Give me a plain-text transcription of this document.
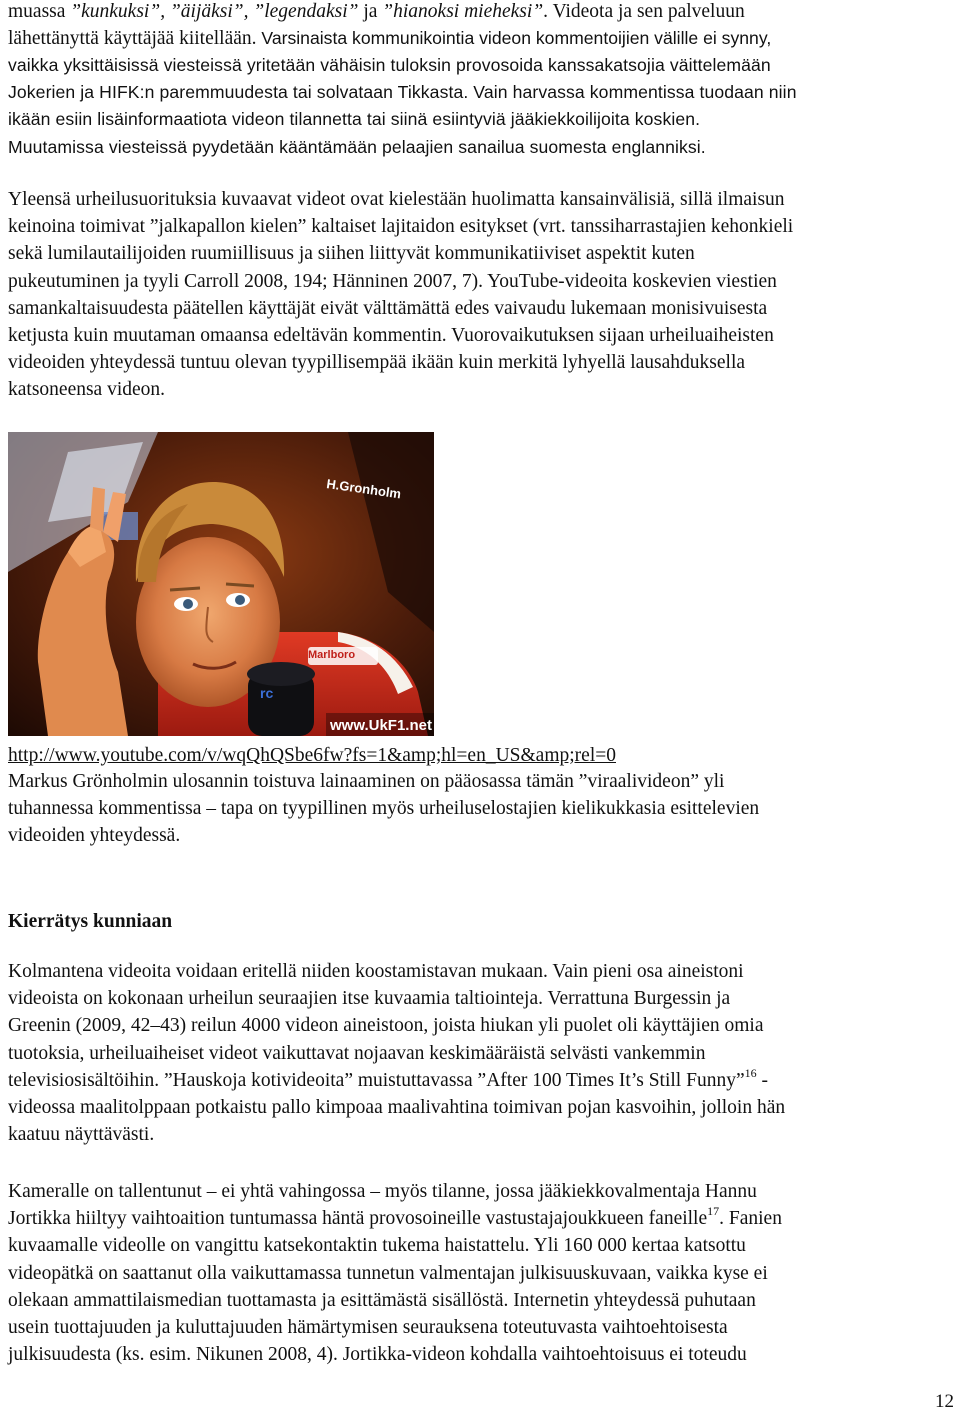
muassa ”kunkuksi”, ”äijäksi”, ”legendaksi” ja ”hianoksi mieheksi”. Videota ja sen palveluun
lähettänyttä käyttäjää kiitellään. Varsinaista kommunikointia videon kommentoijien välille ei synny,

vaikka yksittäisissä viesteissä yritetään vähäisin tuloksin provosoida kanssakatsojia väittelemään
Jokerien ja HIFK:n paremmuudesta tai solvataan Tikkasta. Vain harvassa kommentissa tuodaan niin
ikään esiin lisäinformaatiota videon tilannetta tai siinä esiintyviä jääkiekkoilijoita koskien.
Muutamissa viesteissä pyydetään kääntämään pelaajien sanailua suomesta englanniksi.

Yleensä urheilusuorituksia kuvaavat videot ovat kielestään huolimatta kansainvälisiä, sillä ilmaisun
keinoina toimivat ”jalkapallon kielen” kaltaiset lajitaidon esitykset (vrt. tanssiharrastajien kehonkieli
sekä lumilautailijoiden ruumiillisuus ja siihen liittyvät kommunikatiiviset aspektit kuten
pukeutuminen ja tyyli Carroll 2008, 194; Hänninen 2007, 7). YouTube-videoita koskevien viestien
samankaltaisuudesta päätellen käyttäjät eivät välttämättä edes vaivaudu lukemaan monisivuisesta
ketjusta kuin muutaman omaansa edeltävän kommentin. Vuorovaikutuksen sijaan urheiluaiheisten
videoiden yhteydessä tuntuu olevan tyypillisempää ikään kuin merkitä lyhyellä lausahduksella
katsoneensa videon.

rc
H.Gronholm
Marlboro
www.UkF1.net
http://www.youtube.com/v/wqQhQSbe6fw?fs=1&amp;hl=en_US&amp;rel=0

Markus Grönholmin ulosannin toistuva lainaaminen on pääosassa tämän ”viraalivideon” yli
tuhannessa kommentissa – tapa on tyypillinen myös urheiluselostajien kielikukkasia esittelevien
videoiden yhteydessä.

Kierrätys kunniaan

Kolmantena videoita voidaan eritellä niiden koostamistavan mukaan. Vain pieni osa aineistoni
videoista on kokonaan urheilun seuraajien itse kuvaamia taltiointeja. Verrattuna Burgessin ja
Greenin (2009, 42–43) reilun 4000 videon aineistoon, joista hiukan yli puolet oli käyttäjien omia
tuotoksia, urheiluaiheiset videot vaikuttavat nojaavan keskimääräistä selvästi vankemmin
televisiosisältöihin. ”Hauskoja kotivideoita” muistuttavassa ”After 100 Times It’s Still Funny”$^{16}$ -
videossa maalitolppaan potkaistu pallo kimpoaa maalivahtina toimivan pojan kasvoihin, jolloin hän
kaatuu näyttävästi.

Kameralle on tallentunut – ei yhtä vahingossa – myös tilanne, jossa jääkiekkovalmentaja Hannu
Jortikka hiiltyy vaihtoaition tuntumassa häntä provosoineille vastustajajoukkueen faneille$^{17}$. Fanien
kuvaamalle videolle on vangittu katsekontaktin tukema haistattelu. Yli 160 000 kertaa katsottu
videopätkä on saattanut olla vaikuttamassa tunnetun valmentajan julkisuuskuvaan, vaikka kyse ei
olekaan ammattilaismedian tuottamasta ja esittämästä sisällöstä. Internetin yhteydessä puhutaan
usein tuottajuuden ja kuluttajuuden hämärtymisen seurauksena toteutuvasta vaihtoehtoisesta
julkisuudesta (ks. esim. Nikunen 2008, 4). Jortikka-videon kohdalla vaihtoehtoisuus ei toteudu

12
